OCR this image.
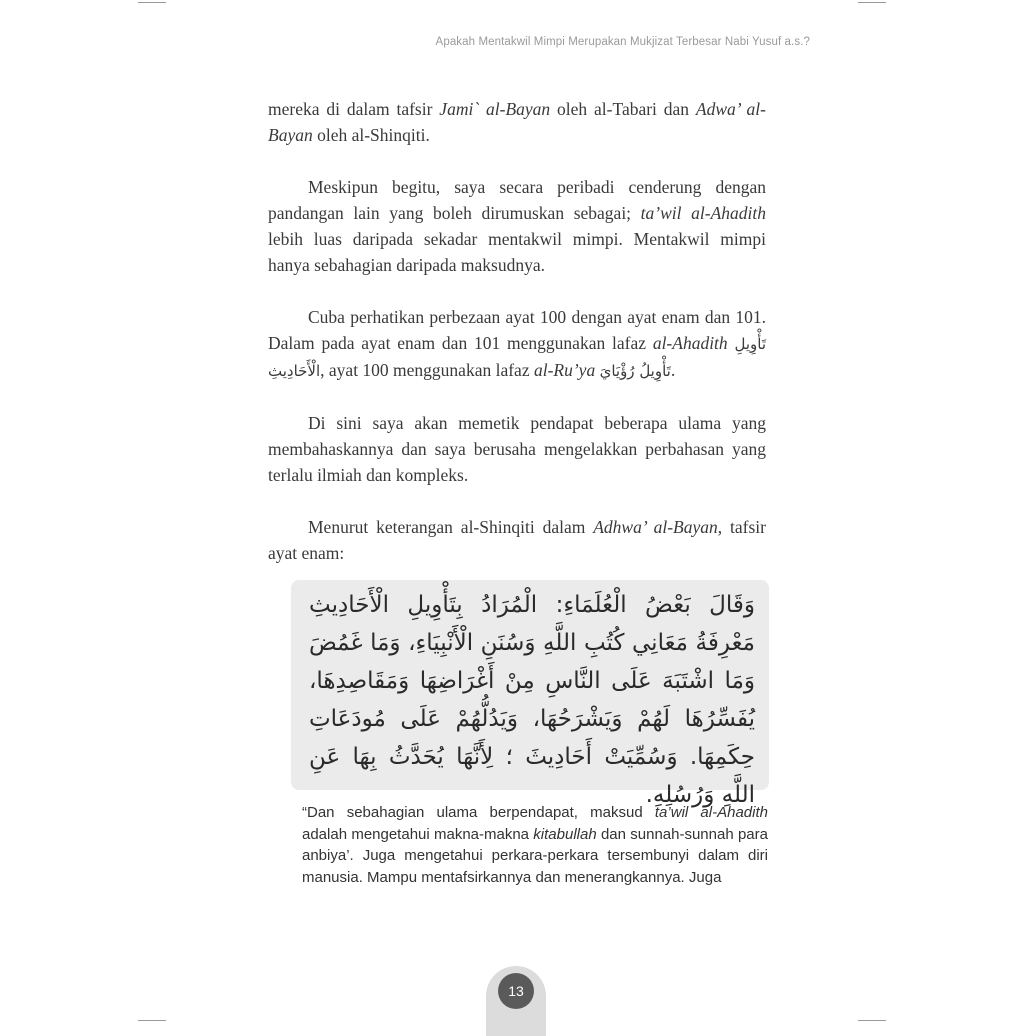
Apakah Mentakwil Mimpi Merupakan Mukjizat Terbesar Nabi Yusuf a.s.?

mereka di dalam tafsir Jami` al-Bayan oleh al-Tabari dan Adwa’ al-Bayan oleh al-Shinqiti.

Meskipun begitu, saya secara peribadi cenderung dengan pandangan lain yang boleh dirumuskan sebagai; ta’wil al-Ahadith lebih luas daripada sekadar mentakwil mimpi. Mentakwil mimpi hanya sebahagian daripada maksudnya.

Cuba perhatikan perbezaan ayat 100 dengan ayat enam dan 101. Dalam pada ayat enam dan 101 menggunakan lafaz al-Ahadith تَأْوِيلِ الْأَحَادِيثِ, ayat 100 menggunakan lafaz al-Ru’ya تَأْوِيلُ رُؤْيَايَ.

Di sini saya akan memetik pendapat beberapa ulama yang membahaskannya dan saya berusaha mengelakkan perbahasan yang terlalu ilmiah dan kompleks.

Menurut keterangan al-Shinqiti dalam Adhwa’ al-Bayan, tafsir ayat enam:

وَقَالَ بَعْضُ الْعُلَمَاءِ: الْمُرَادُ بِتَأْوِيلِ الْأَحَادِيثِ مَعْرِفَةُ مَعَانِي كُتُبِ اللَّهِ وَسُنَنِ الْأَنْبِيَاءِ، وَمَا غَمُضَ وَمَا اشْتَبَهَ عَلَى النَّاسِ مِنْ أَغْرَاضِهَا وَمَقَاصِدِهَا، يُفَسِّرُهَا لَهُمْ وَيَشْرَحُهَا، وَيَدُلُّهُمْ عَلَى مُودَعَاتِ حِكَمِهَا. وَسُمِّيَتْ أَحَادِيثَ ؛ لِأَنَّهَا يُحَدَّثُ بِهَا عَنِ اللَّهِ وَرُسُلِهِ.
“Dan sebahagian ulama berpendapat, maksud ta’wil al-Ahadith adalah mengetahui makna-makna kitabullah dan sunnah-sunnah para anbiya’. Juga mengetahui perkara-perkara tersembunyi dalam diri manusia. Mampu mentafsirkannya dan menerangkannya. Juga
13
